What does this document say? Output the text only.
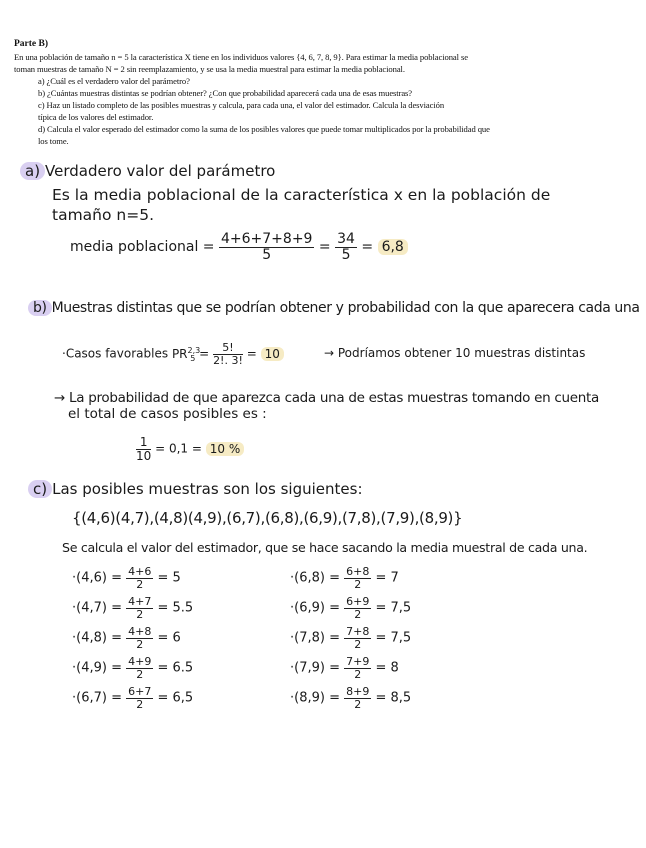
Parte B)
En una población de tamaño n = 5 la característica X tiene en los individuos valores {4, 6, 7, 8, 9}. Para estimar la media poblacional se
toman muestras de tamaño N = 2 sin reemplazamiento, y se usa la media muestral para estimar la media poblacional.
a) ¿Cuál es el verdadero valor del parámetro?
b) ¿Cuántas muestras distintas se podrían obtener? ¿Con que probabilidad aparecerá cada una de esas muestras?
c) Haz un listado completo de las posibles muestras y calcula, para cada una, el valor del estimador. Calcula la desviación
típica de los valores del estimador.
d) Calcula el valor esperado del estimador como la suma de los posibles valores que puede tomar multiplicados por la probabilidad que
los tome.
a) Verdadero valor del parámetro
Es la media poblacional de la característica x en la población de
tamaño n=5.
media poblacional = $\frac{4+6+7+8+9}{5} = \frac{34}{5} = 6,8$
b) Muestras distintas que se podrían obtener y probabilidad con la que aparecera cada una
·Casos favorables $PR^{2,3}_5 = \frac{5!}{2!. 3!} = 10$	→ Podríamos obtener 10 muestras distintas
→ La probabilidad de que aparezca cada una de estas muestras tomando en cuenta
el total de casos posibles es :
$\frac{1}{10} = 0,1 = 10$ %
c) Las posibles muestras son los siguientes:
{(4,6)(4,7),(4,8)(4,9),(6,7),(6,8),(6,9),(7,8),(7,9),(8,9)}
Se calcula el valor del estimador, que se hace sacando la media muestral de cada una.
$\cdot(4,6) = \frac{4+6}{2} = 5$
$\cdot(4,7) = \frac{4+7}{2} = 5.5$
$\cdot(4,8) = \frac{4+8}{2} = 6$
$\cdot(4,9) = \frac{4+9}{2} = 6.5$
$\cdot(6,7) = \frac{6+7}{2} = 6,5$
$\cdot(6,8) = \frac{6+8}{2} = 7$
$\cdot(6,9) = \frac{6+9}{2} = 7,5$
$\cdot(7,8) = \frac{7+8}{2} = 7,5$
$\cdot(7,9) = \frac{7+9}{2} = 8$
$\cdot(8,9) = \frac{8+9}{2} = 8,5$
